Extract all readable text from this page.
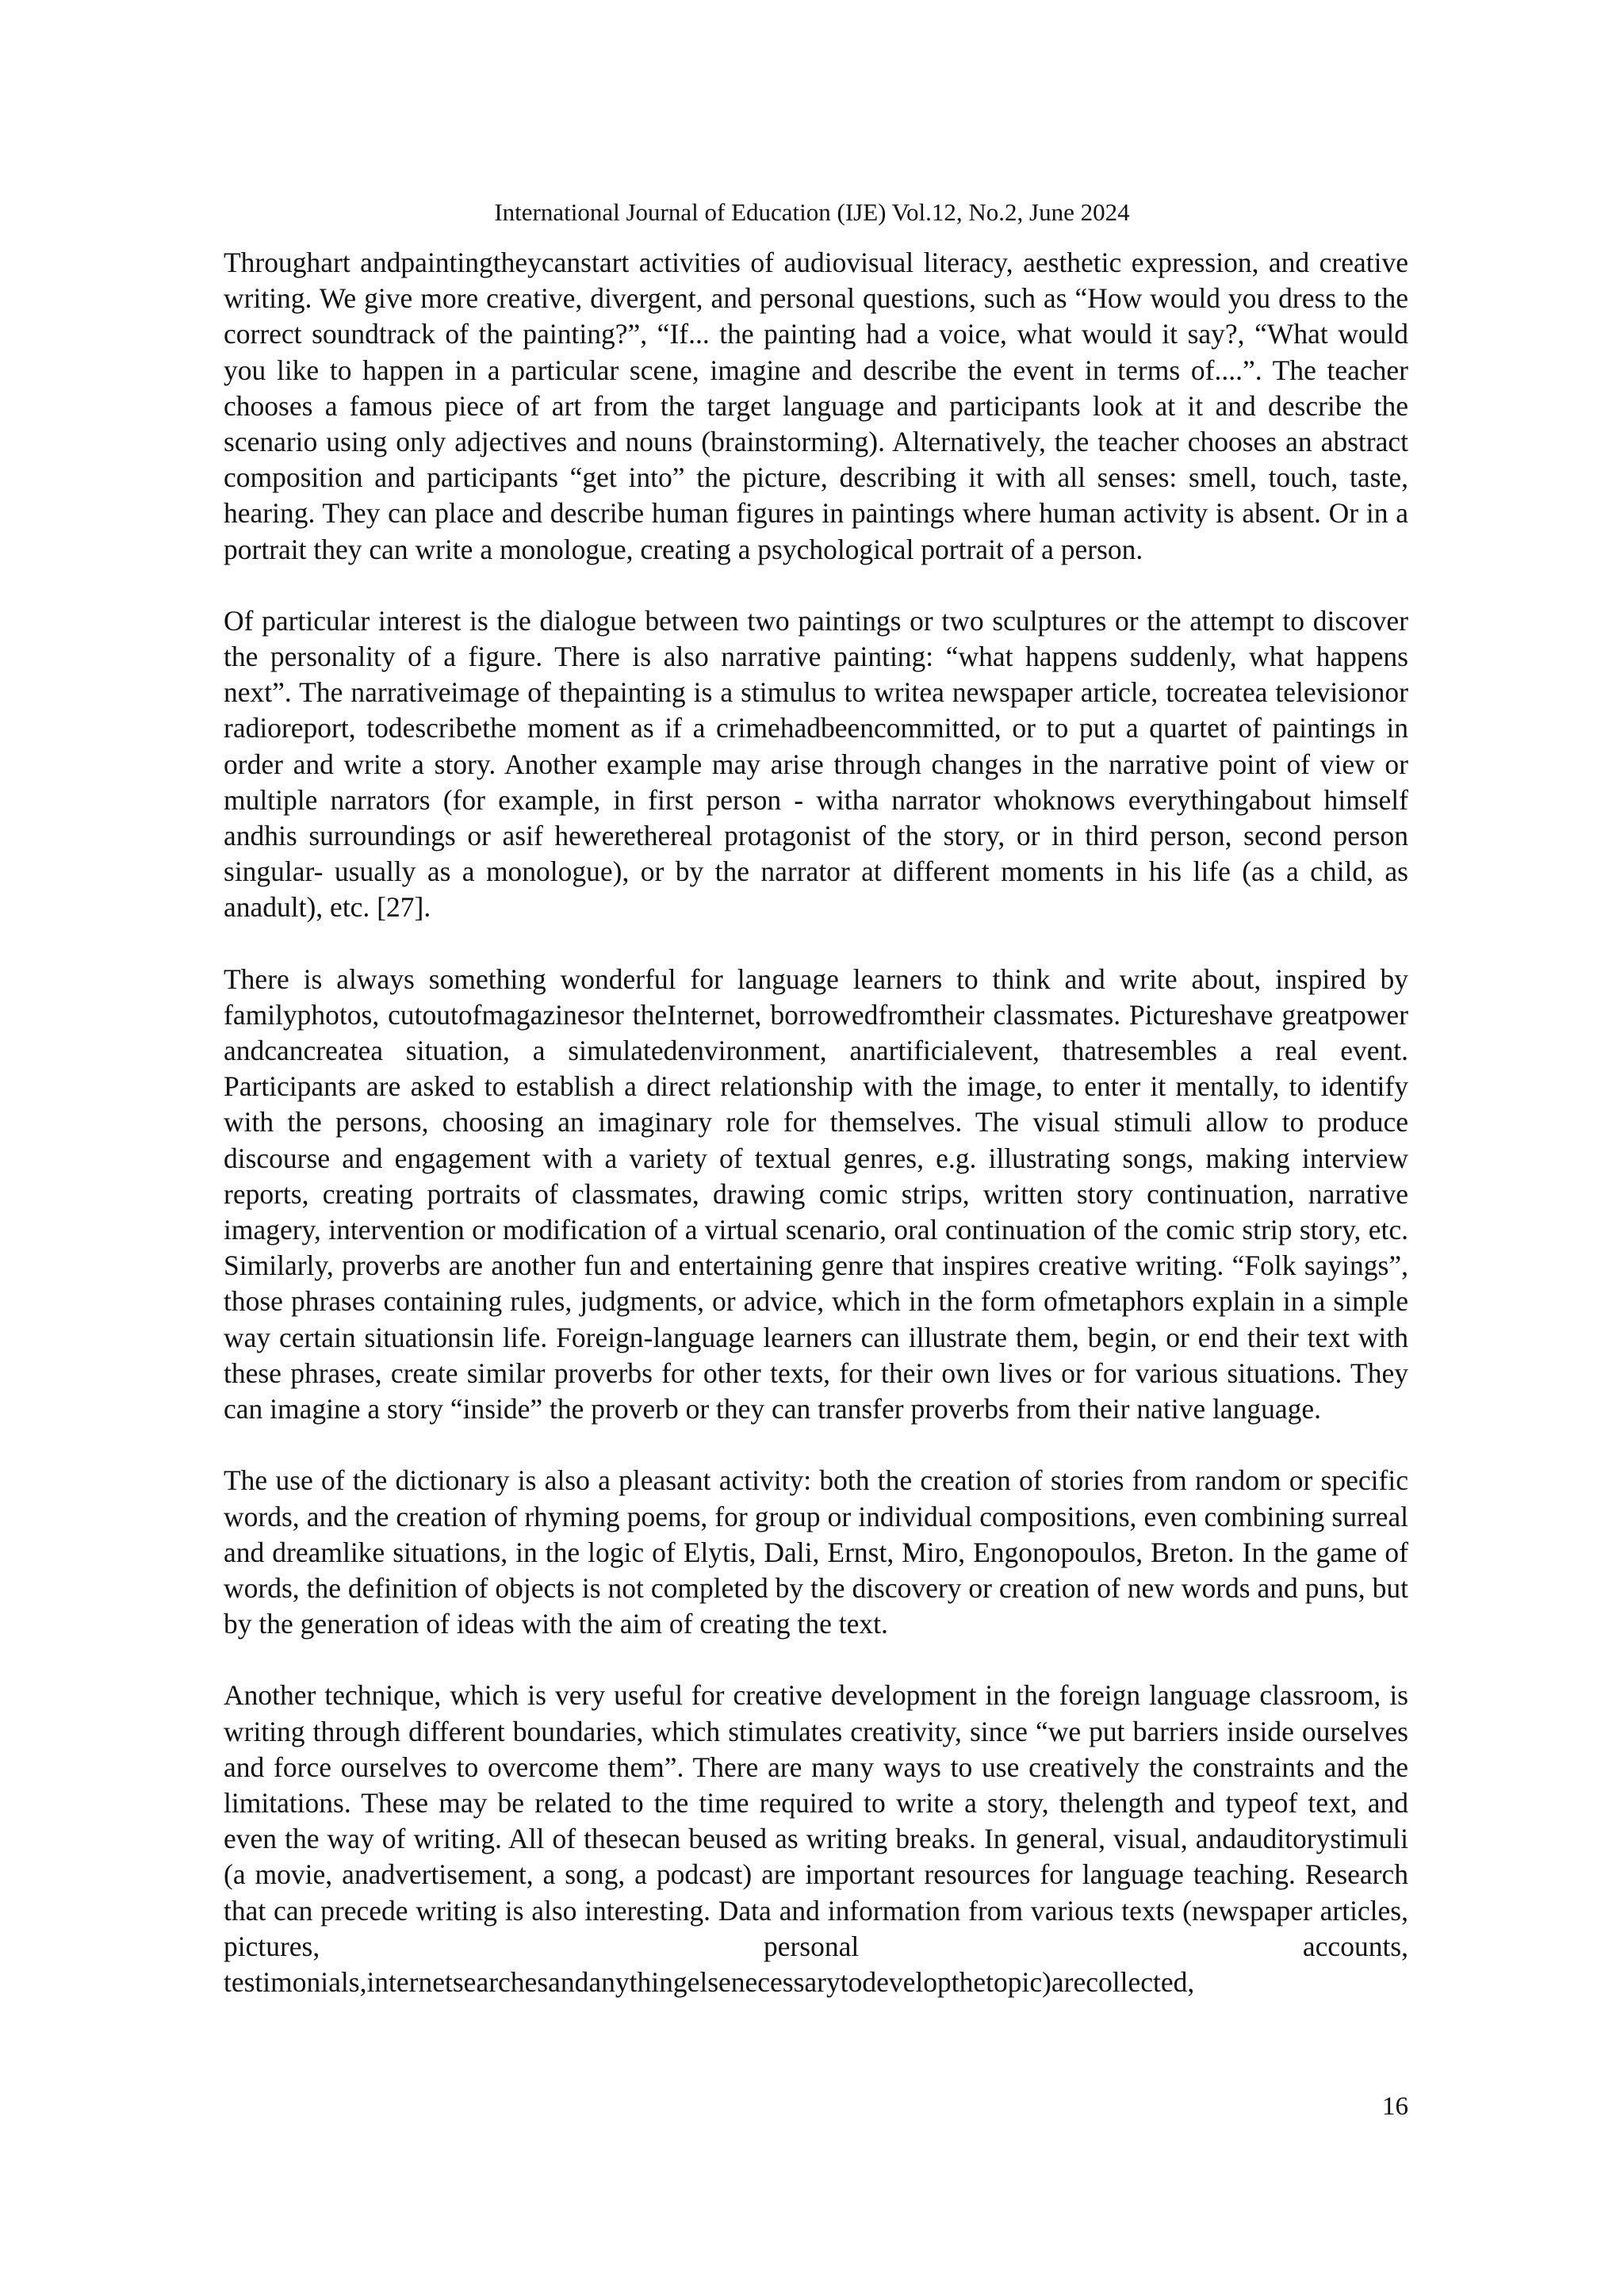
International Journal of Education (IJE) Vol.12, No.2, June 2024

Throughart andpaintingtheycanstart activities of audiovisual literacy, aesthetic expression, and creative writing. We give more creative, divergent, and personal questions, such as “How would you dress to the correct soundtrack of the painting?”, “If... the painting had a voice, what would it say?, “What would you like to happen in a particular scene, imagine and describe the event in terms of....”. The teacher chooses a famous piece of art from the target language and participants look at it and describe the scenario using only adjectives and nouns (brainstorming). Alternatively, the teacher chooses an abstract composition and participants “get into” the picture, describing it with all senses: smell, touch, taste, hearing. They can place and describe human figures in paintings where human activity is absent. Or in a portrait they can write a monologue, creating a psychological portrait of a person.

Of particular interest is the dialogue between two paintings or two sculptures or the attempt to discover the personality of a figure. There is also narrative painting: “what happens suddenly, what happens next”. The narrativeimage of thepainting is a stimulus to writea newspaper article, tocreatea televisionor radioreport, todescribethe moment as if a crimehadbeencommitted, or to put a quartet of paintings in order and write a story. Another example may arise through changes in the narrative point of view or multiple narrators (for example, in first person - witha narrator whoknows everythingabout himself andhis surroundings or asif hewerethereal protagonist of the story, or in third person, second person singular- usually as a monologue), or by the narrator at different moments in his life (as a child, as anadult), etc. [27].

There is always something wonderful for language learners to think and write about, inspired by familyphotos, cutoutofmagazinesor theInternet, borrowedfromtheir classmates. Pictureshave greatpower andcancreatea situation, a simulatedenvironment, anartificialevent, thatresembles a real event. Participants are asked to establish a direct relationship with the image, to enter it mentally, to identify with the persons, choosing an imaginary role for themselves. The visual stimuli allow to produce discourse and engagement with a variety of textual genres, e.g. illustrating songs, making interview reports, creating portraits of classmates, drawing comic strips, written story continuation, narrative imagery, intervention or modification of a virtual scenario, oral continuation of the comic strip story, etc. Similarly, proverbs are another fun and entertaining genre that inspires creative writing. “Folk sayings”, those phrases containing rules, judgments, or advice, which in the form ofmetaphors explain in a simple way certain situationsin life. Foreign-language learners can illustrate them, begin, or end their text with these phrases, create similar proverbs for other texts, for their own lives or for various situations. They can imagine a story “inside” the proverb or they can transfer proverbs from their native language.

The use of the dictionary is also a pleasant activity: both the creation of stories from random or specific words, and the creation of rhyming poems, for group or individual compositions, even combining surreal and dreamlike situations, in the logic of Elytis, Dali, Ernst, Miro, Engonopoulos, Breton. In the game of words, the definition of objects is not completed by the discovery or creation of new words and puns, but by the generation of ideas with the aim of creating the text.

Another technique, which is very useful for creative development in the foreign language classroom, is writing through different boundaries, which stimulates creativity, since “we put barriers inside ourselves and force ourselves to overcome them”. There are many ways to use creatively the constraints and the limitations. These may be related to the time required to write a story, thelength and typeof text, and even the way of writing. All of thesecan beused as writing breaks. In general, visual, andauditorystimuli (a movie, anadvertisement, a song, a podcast) are important resources for language teaching. Research that can precede writing is also interesting. Data and information from various texts (newspaper articles, pictures, personal accounts, testimonials,internetsearchesandanythingelsenecessarytodevelopthetopic)arecollected,

16
